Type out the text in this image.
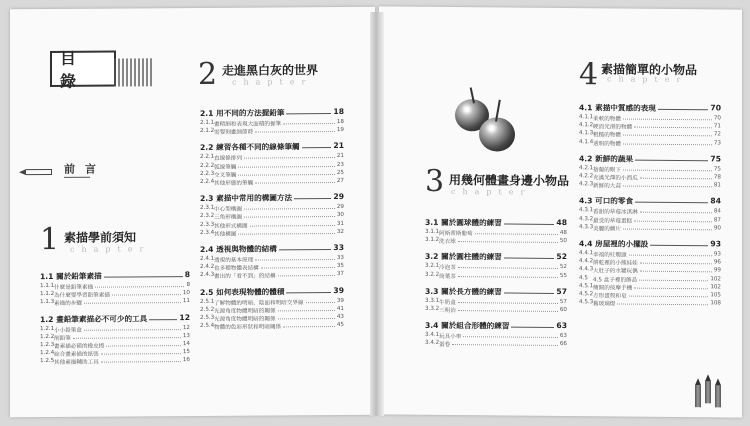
目 錄
前 言
1 素描學前須知
chapter
1.1 關於鉛筆素描	8
1.1.1 什麼是鉛筆素描	8
1.1.2 為什麼要學習鉛筆素描	10
1.1.3 素描的步驟	11
1.2 畫鉛筆素描必不可少的工具	12
1.2.1 小小鉛筆盒	12
1.2.2 削鉛筆	13
1.2.3 畫素描必備的橡皮擦	14
1.2.4 綜合畫素描的紙張	15
1.2.5 其他素描輔助工具	16
2 走進黑白灰的世界
chapter
2.1 用不同的方法握鉛筆	18
2.1.1 畫精細和表現大面積的握筆	18
2.1.2 需要刻畫細節時	19
2.2 練習各種不同的線條筆觸	21
2.2.1 直線條排列	21
2.2.2 弧線筆觸	23
2.2.3 交叉筆觸	25
2.2.4 其他形態的筆觸	27
2.3 素描中常用的構圖方法	29
2.3.1 中心型構圖	29
2.3.2 三角形構圖	30
2.3.3 其他形式構圖	31
2.3.4 其他構圖	32
2.4 透視與物體的結構	33
2.4.1 透視的基本原理	33
2.4.2 也多種物體表結構	35
2.4.3 畫出的「看不到」的結構	37
2.5 如何表現物體的體積	39
2.5.1 了解物體的明暗、陰面和明暗交界線	39
2.5.2 光源角度物體明暗的關係	41
2.5.3 光源角度物體明暗的關係	43
2.5.4 物體的色彩形狀和明暗關係	45
3 用幾何體畫身邊小物品
chapter
3.1 關於圓球體的練習	48
3.1.1 阿斯蒂斯葡萄	48
3.1.2 洗衣球	50
3.2 關於圓柱體的練習	52
3.2.1 冷泡茶	52
3.2.2 筒葉茶	55
3.3 關於長方體的練習	57
3.3.1 牛奶盒	57
3.3.2 三明治	60
3.4 關於組合形體的練習	63
3.4.1 玩具小車	63
3.4.2 蛋卷	66
4 素描簡單的小物品
chapter
4.1 素描中質感的表現	70
4.1.1 柔軟的物體	70
4.1.2 硬而光滑的物體	71
4.1.3 粗糙的物體	72
4.1.4 透明的物體	73
4.2 新鮮的蔬果	75
4.2.1 捨葡的眼下	75
4.2.2 充滿光澤的小西瓜	78
4.2.3 新鮮的大蒜	81
4.3 可口的零食	84
4.3.1 香甜的草莓冰淇淋	84
4.3.2 最受的草莓蛋糕	87
4.3.3 美麗的蘑片	90
4.4 房屋裡的小擺設	93
4.4.1 幸福的紅燭頭	93
4.4.2 餅乾裡的小熊娃娃	96
4.4.3 大肚子的水罐玩偶	99
4.5 4.5 盒子裡的飾品	102
4.5.1 簡開的按摩手機	102
4.5.2 方形蛋殼和皂	105
4.5.3 舊玻璃燈	108
